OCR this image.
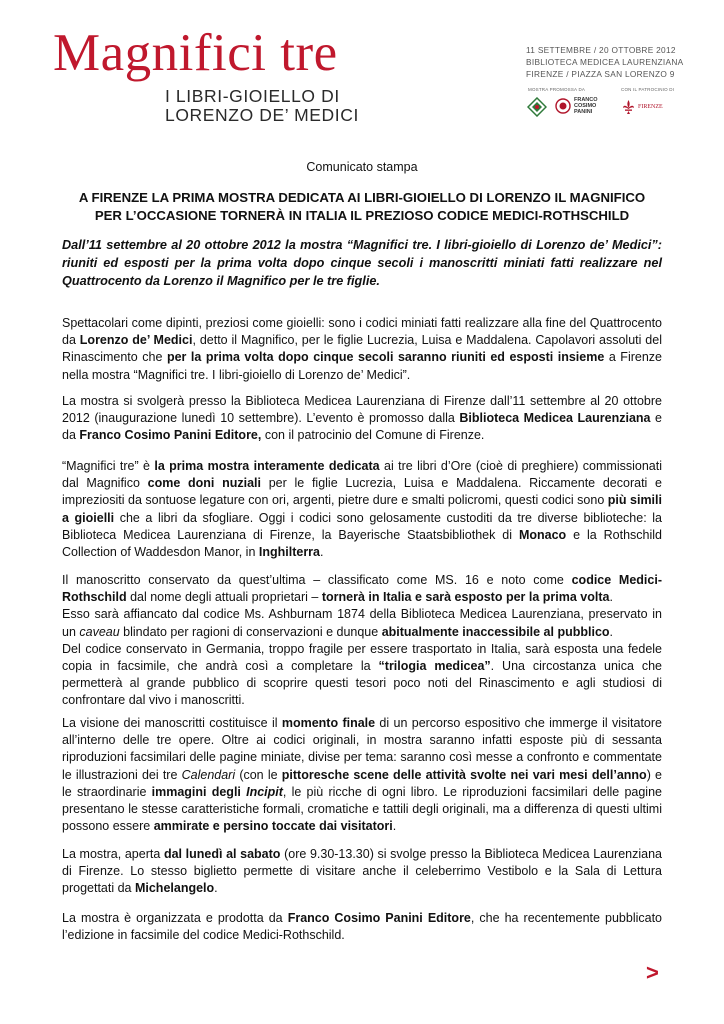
Magnifici tre
I LIBRI-GIOIELLO DI
LORENZO DE’ MEDICI
11 SETTEMBRE / 20 OTTOBRE 2012
BIBLIOTECA MEDICEA LAURENZIANA
FIRENZE / PIAZZA SAN LORENZO 9
MOSTRA PROMOSSA DA	CON IL PATROCINIO DI
FRANCO
COSIMO
PANINI
FIRENZE
Comunicato stampa
A FIRENZE LA PRIMA MOSTRA DEDICATA AI LIBRI-GIOIELLO DI LORENZO IL MAGNIFICO
PER L’OCCASIONE TORNERÀ IN ITALIA IL PREZIOSO CODICE MEDICI-ROTHSCHILD
Dall’11 settembre al 20 ottobre 2012 la mostra “Magnifici tre. I libri-gioiello di Lorenzo de’ Medici”: riuniti ed esposti per la prima volta dopo cinque secoli i manoscritti miniati fatti realizzare nel Quattrocento da Lorenzo il Magnifico per le tre figlie.

Spettacolari come dipinti, preziosi come gioielli: sono i codici miniati fatti realizzare alla fine del Quattrocento da Lorenzo de’ Medici, detto il Magnifico, per le figlie Lucrezia, Luisa e Maddalena. Capolavori assoluti del Rinascimento che per la prima volta dopo cinque secoli saranno riuniti ed esposti insieme a Firenze nella mostra “Magnifici tre. I libri-gioiello di Lorenzo de’ Medici”.

La mostra si svolgerà presso la Biblioteca Medicea Laurenziana di Firenze dall’11 settembre al 20 ottobre 2012 (inaugurazione lunedì 10 settembre). L’evento è promosso dalla Biblioteca Medicea Laurenziana e da Franco Cosimo Panini Editore, con il patrocinio del Comune di Firenze.

“Magnifici tre” è la prima mostra interamente dedicata ai tre libri d’Ore (cioè di preghiere) commissionati dal Magnifico come doni nuziali per le figlie Lucrezia, Luisa e Maddalena. Riccamente decorati e impreziositi da sontuose legature con ori, argenti, pietre dure e smalti policromi, questi codici sono più simili a gioielli che a libri da sfogliare. Oggi i codici sono gelosamente custoditi da tre diverse biblioteche: la Biblioteca Medicea Laurenziana di Firenze, la Bayerische Staatsbibliothek di Monaco e la Rothschild Collection of Waddesdon Manor, in Inghilterra.

Il manoscritto conservato da quest’ultima – classificato come MS. 16 e noto come codice Medici-Rothschild dal nome degli attuali proprietari – tornerà in Italia e sarà esposto per la prima volta.
Esso sarà affiancato dal codice Ms. Ashburnam 1874 della Biblioteca Medicea Laurenziana, preservato in un caveau blindato per ragioni di conservazioni e dunque abitualmente inaccessibile al pubblico.
Del codice conservato in Germania, troppo fragile per essere trasportato in Italia, sarà esposta una fedele copia in facsimile, che andrà così a completare la “trilogia medicea”. Una circostanza unica che permetterà al grande pubblico di scoprire questi tesori poco noti del Rinascimento e agli studiosi di confrontare dal vivo i manoscritti.

La visione dei manoscritti costituisce il momento finale di un percorso espositivo che immerge il visitatore all’interno delle tre opere. Oltre ai codici originali, in mostra saranno infatti esposte più di sessanta riproduzioni facsimilari delle pagine miniate, divise per tema: saranno così messe a confronto e commentate le illustrazioni dei tre Calendari (con le pittoresche scene delle attività svolte nei vari mesi dell’anno) e le straordinarie immagini degli Incipit, le più ricche di ogni libro. Le riproduzioni facsimilari delle pagine presentano le stesse caratteristiche formali, cromatiche e tattili degli originali, ma a differenza di questi ultimi possono essere ammirate e persino toccate dai visitatori.

La mostra, aperta dal lunedì al sabato (ore 9.30-13.30) si svolge presso la Biblioteca Medicea Laurenziana di Firenze. Lo stesso biglietto permette di visitare anche il celeberrimo Vestibolo e la Sala di Lettura progettati da Michelangelo.

La mostra è organizzata e prodotta da Franco Cosimo Panini Editore, che ha recentemente pubblicato l’edizione in facsimile del codice Medici-Rothschild.

>
